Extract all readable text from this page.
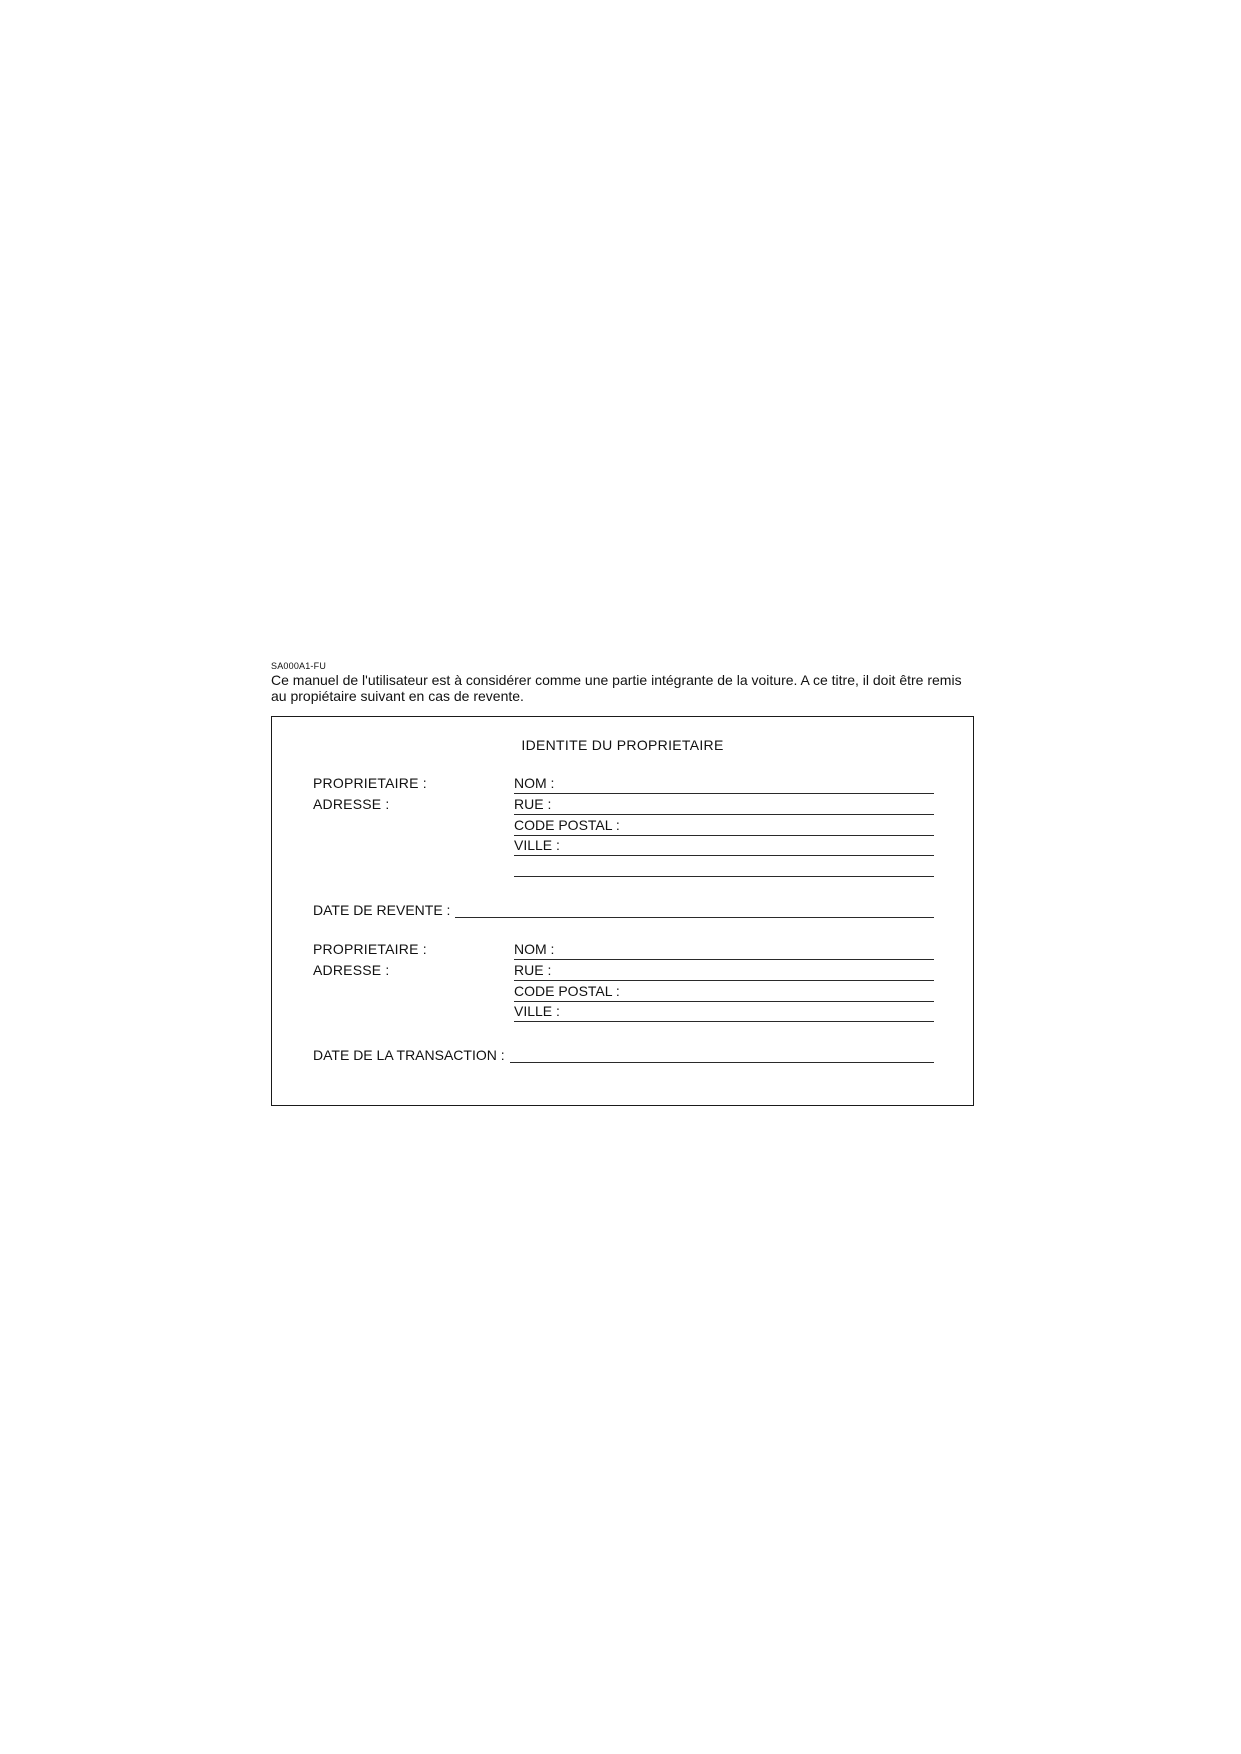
SA000A1-FU

Ce manuel de l'utilisateur est à considérer comme une partie intégrante de la voiture. A ce titre, il doit être remis
au propiétaire suivant en cas de revente.

IDENTITE DU PROPRIETAIRE
PROPRIETAIRE :
ADRESSE :
NOM :
RUE :
CODE POSTAL :
VILLE :
DATE DE REVENTE :
PROPRIETAIRE :
ADRESSE :
NOM :
RUE :
CODE POSTAL :
VILLE :
DATE DE LA TRANSACTION :
